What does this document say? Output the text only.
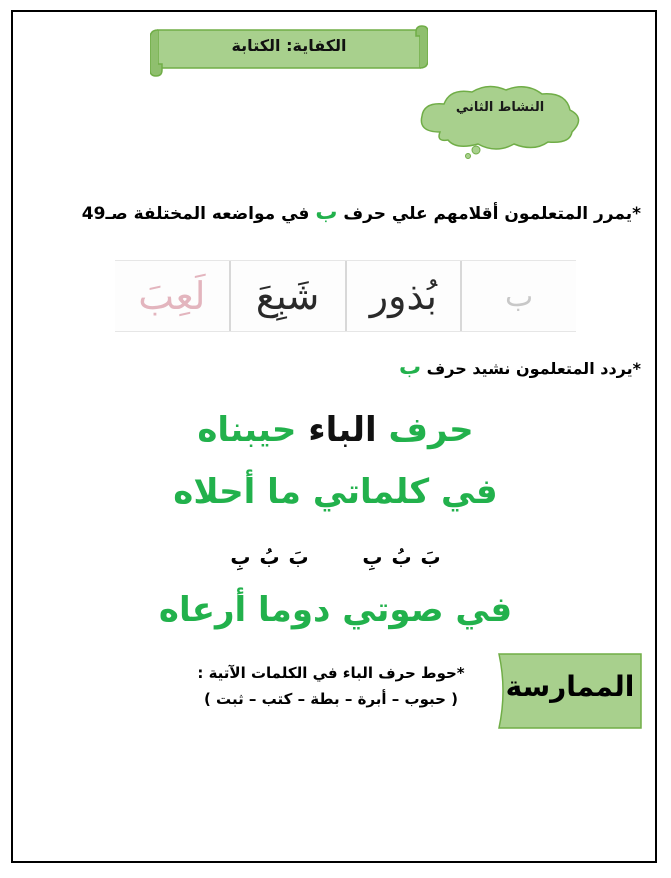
الكفاية: الكتابة
النشاط الثاني
*يمرر المتعلمون أقلامهم علي حرف ب في مواضعه المختلفة صـ49
ب
بُذور
شَبِعَ
لَعِبَ
*يردد المتعلمون نشيد حرف ب
حرف الباء حيبناه
في كلماتي ما أحلاه
بَ بُ بِ      بَ بُ بِ
في صوتي دوما أرعاه
الممارسة
*حوط حرف الباء في الكلمات الآتية :
( حبوب – أبرة – بطة – كتب – ثبت )
